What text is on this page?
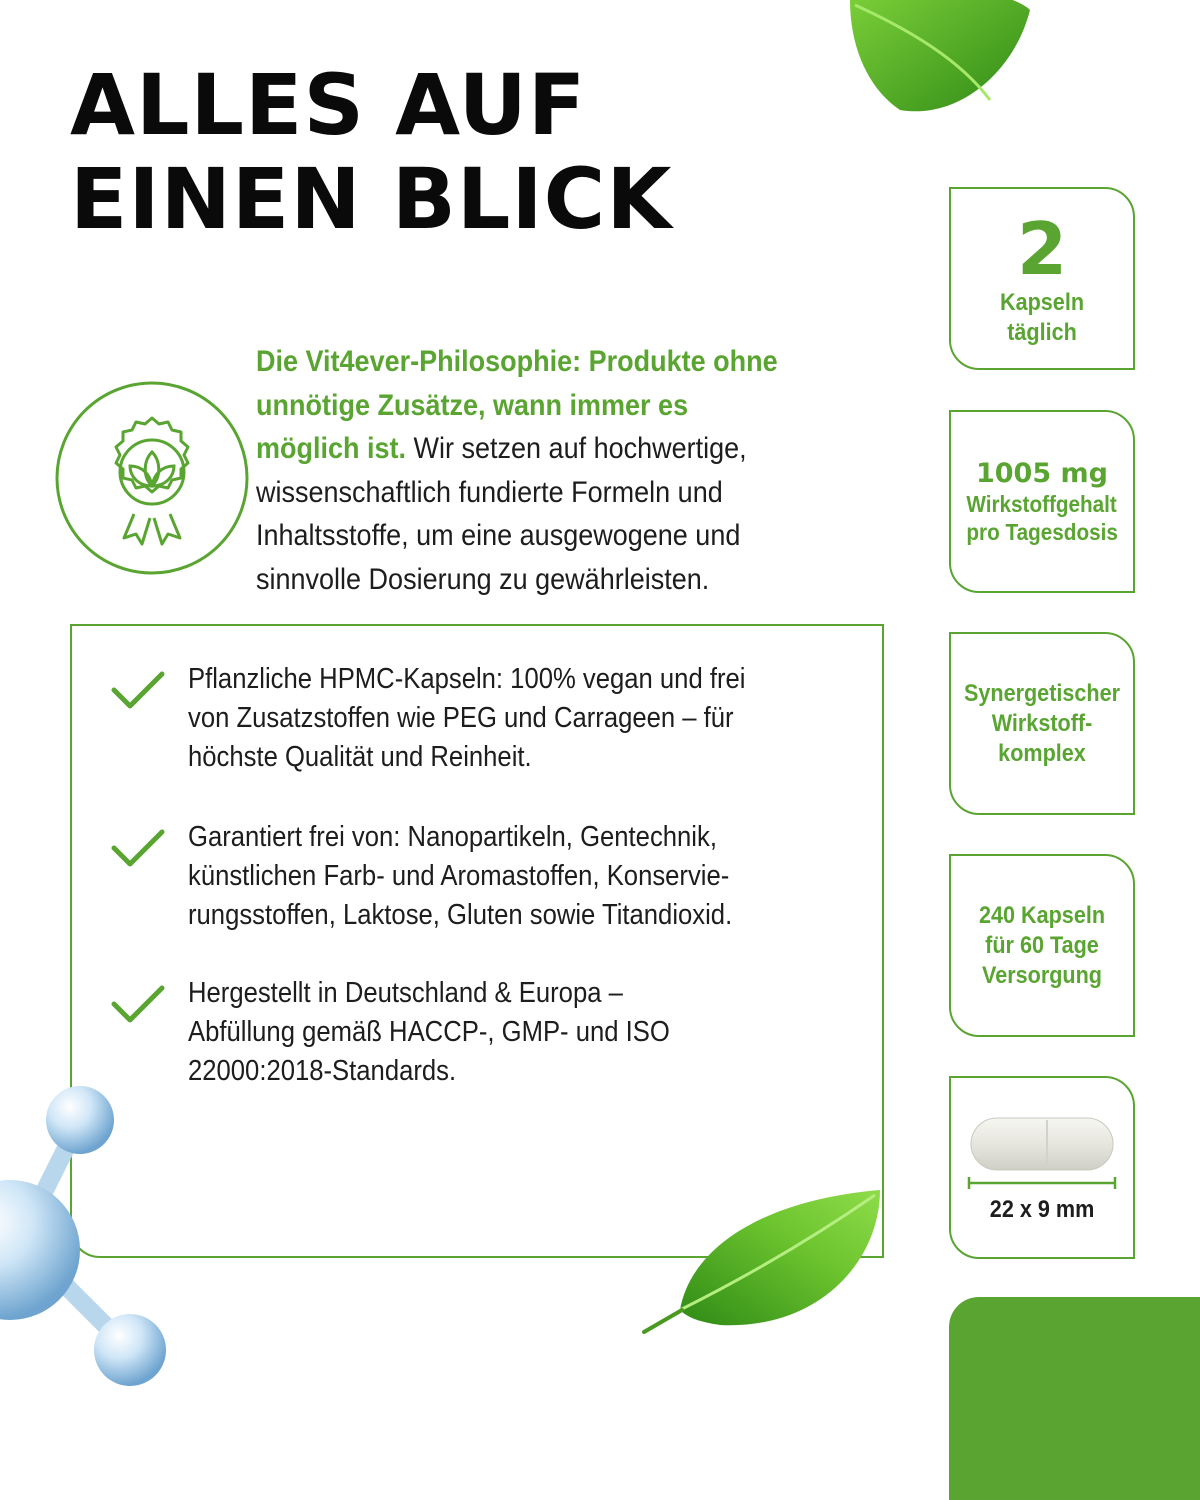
ALLES AUF
EINEN BLICK

Die Vit4ever-Philosophie: Produkte ohne unnötige Zusätze, wann immer es möglich ist. Wir setzen auf hochwertige, wissenschaftlich fundierte Formeln und Inhaltsstoffe, um eine ausgewogene und sinnvolle Dosierung zu gewährleisten.

Pflanzliche HPMC-Kapseln: 100% vegan und frei
von Zusatzstoffen wie PEG und Carrageen – für
höchste Qualität und Reinheit.

Garantiert frei von: Nanopartikeln, Gentechnik,
künstlichen Farb- und Aromastoffen, Konservie-
rungsstoffen, Laktose, Gluten sowie Titandioxid.

Hergestellt in Deutschland & Europa –
Abfüllung gemäß HACCP-, GMP- und ISO
22000:2018-Standards.

2
Kapseln täglich
1005 mg
Wirkstoffgehalt
pro Tagesdosis
Synergetischer Wirkstoff-komplex
240 Kapseln für 60 Tage Versorgung
22 x 9 mm
